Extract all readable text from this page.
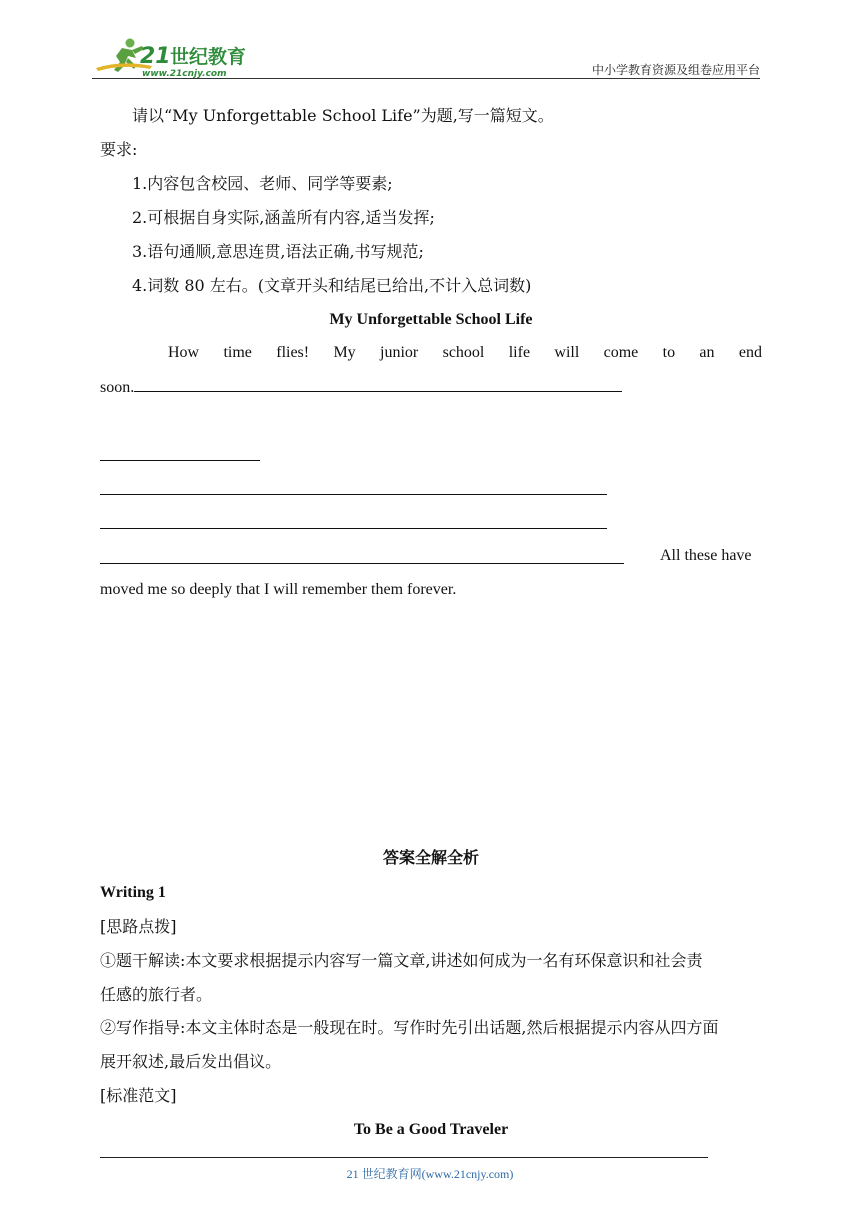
21 世纪教育
www.21cnjy.com	中小学教育资源及组卷应用平台
请以“My Unforgettable School Life”为题,写一篇短文。
要求:
1.内容包含校园、老师、同学等要素;
2.可根据自身实际,涵盖所有内容,适当发挥;
3.语句通顺,意思连贯,语法正确,书写规范;
4.词数 80 左右。(文章开头和结尾已给出,不计入总词数)
My Unforgettable School Life
How time flies! My junior school life will come to an end
soon.
All these have
moved me so deeply that I will remember them forever.
答案全解全析
Writing 1
[思路点拨]
①题干解读:本文要求根据提示内容写一篇文章,讲述如何成为一名有环保意识和社会责
任感的旅行者。
②写作指导:本文主体时态是一般现在时。写作时先引出话题,然后根据提示内容从四方面
展开叙述,最后发出倡议。
[标准范文]
To Be a Good Traveler
21 世纪教育网(www.21cnjy.com)
